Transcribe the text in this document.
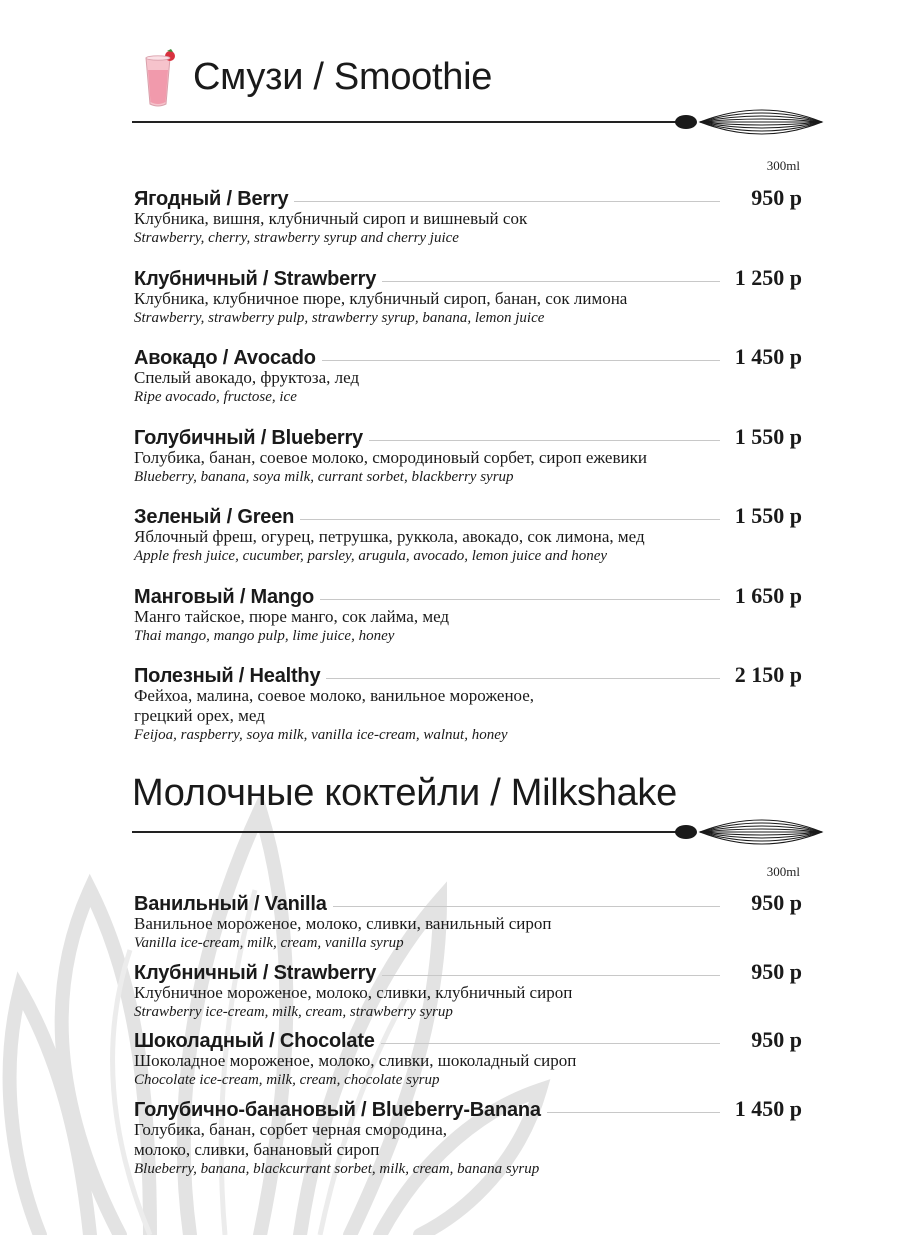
Смузи / Smoothie
300ml
Ягодный / Berry	950 р
Клубника, вишня, клубничный сироп и вишневый сок
Strawberry, cherry, strawberry syrup and cherry juice
Клубничный / Strawberry	1 250 р
Клубника, клубничное пюре, клубничный сироп, банан, сок лимона
Strawberry, strawberry pulp, strawberry syrup, banana, lemon juice
Авокадо / Avocado	1 450 р
Спелый авокадо, фруктоза, лед
Ripe avocado, fructose, ice
Голубичный / Blueberry	1 550 р
Голубика, банан, соевое молоко, смородиновый сорбет, сироп ежевики
Blueberry, banana, soya milk, currant sorbet, blackberry syrup
Зеленый / Green	1 550 р
Яблочный фреш, огурец, петрушка, руккола, авокадо, сок лимона, мед
Apple fresh juice, cucumber, parsley, arugula, avocado, lemon juice and honey
Манговый / Mango	1 650 р
Манго тайское, пюре манго, сок лайма, мед
Thai mango, mango pulp, lime juice, honey
Полезный / Healthy	2 150 р
Фейхоа, малина, соевое молоко, ванильное мороженое,
грецкий орех, мед
Feijoa, raspberry, soya milk, vanilla ice-cream, walnut, honey
Молочные коктейли / Milkshake
300ml
Ванильный / Vanilla	950 р
Ванильное мороженое, молоко, сливки, ванильный сироп
Vanilla ice-cream, milk, cream, vanilla syrup
Клубничный / Strawberry	950 р
Клубничное мороженое, молоко, сливки, клубничный сироп
Strawberry ice-cream, milk, cream, strawberry syrup
Шоколадный / Chocolate	950 р
Шоколадное мороженое, молоко, сливки, шоколадный сироп
Chocolate ice-cream, milk, cream, chocolate syrup
Голубично-банановый / Blueberry-Banana	1 450 р
Голубика, банан, сорбет черная смородина,
молоко, сливки, банановый сироп
Blueberry, banana, blackcurrant sorbet, milk, cream, banana syrup
